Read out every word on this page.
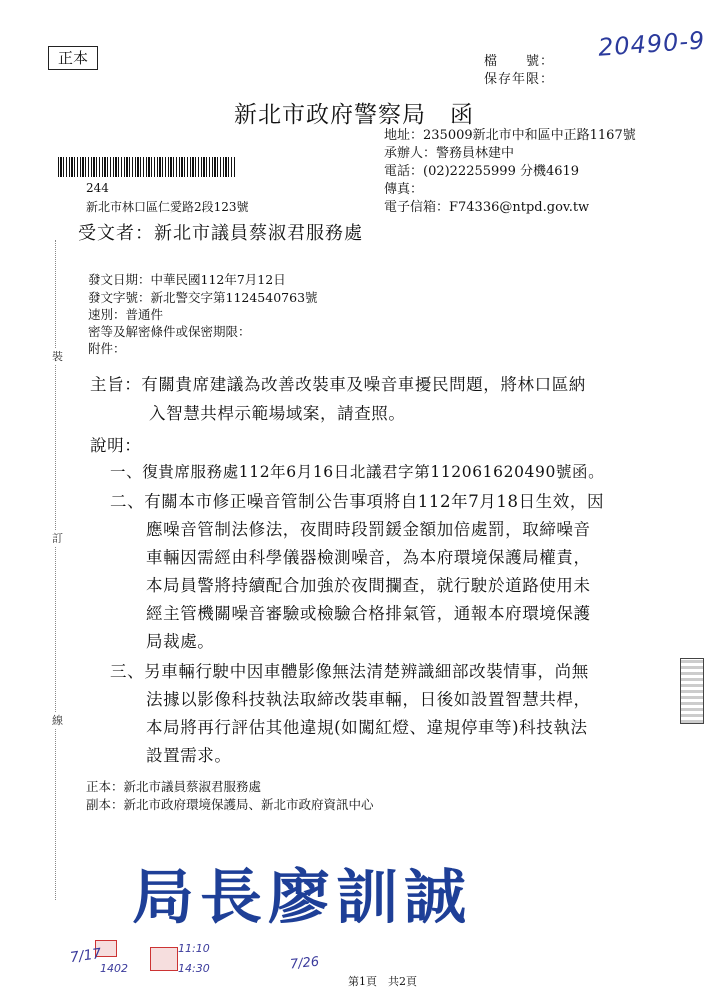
正本	檔　　號：
保存年限：
20490-9
新北市政府警察局　函
地址：235009新北市中和區中正路1167號
承辦人：警務員林建中
電話：(02)22255999 分機4619
傳真：
電子信箱：F74336@ntpd.gov.tw
244
新北市林口區仁愛路2段123號
受文者：新北市議員蔡淑君服務處
發文日期：中華民國112年7月12日
發文字號：新北警交字第1124540763號
速別：普通件
密等及解密條件或保密期限：
附件：
裝
訂
線
主旨：有關貴席建議為改善改裝車及噪音車擾民問題，將林口區納
入智慧共桿示範場域案，請查照。
說明：
一、復貴席服務處112年6月16日北議君字第112061620490號函。
二、有關本市修正噪音管制公告事項將自112年7月18日生效，因
應噪音管制法修法，夜間時段罰鍰金額加倍處罰，取締噪音
車輛因需經由科學儀器檢測噪音，為本府環境保護局權責，
本局員警將持續配合加強於夜間攔查，就行駛於道路使用未
經主管機關噪音審驗或檢驗合格排氣管，通報本府環境保護
局裁處。
三、另車輛行駛中因車體影像無法清楚辨識細部改裝情事，尚無
法據以影像科技執法取締改裝車輛，日後如設置智慧共桿，
本局將再行評估其他違規(如闖紅燈、違規停車等)科技執法
設置需求。
正本：新北市議員蔡淑君服務處
副本：新北市政府環境保護局、新北市政府資訊中心
局長廖訓誠
7/17
1402
11:10
14:30	7/26
第1頁　共2頁
